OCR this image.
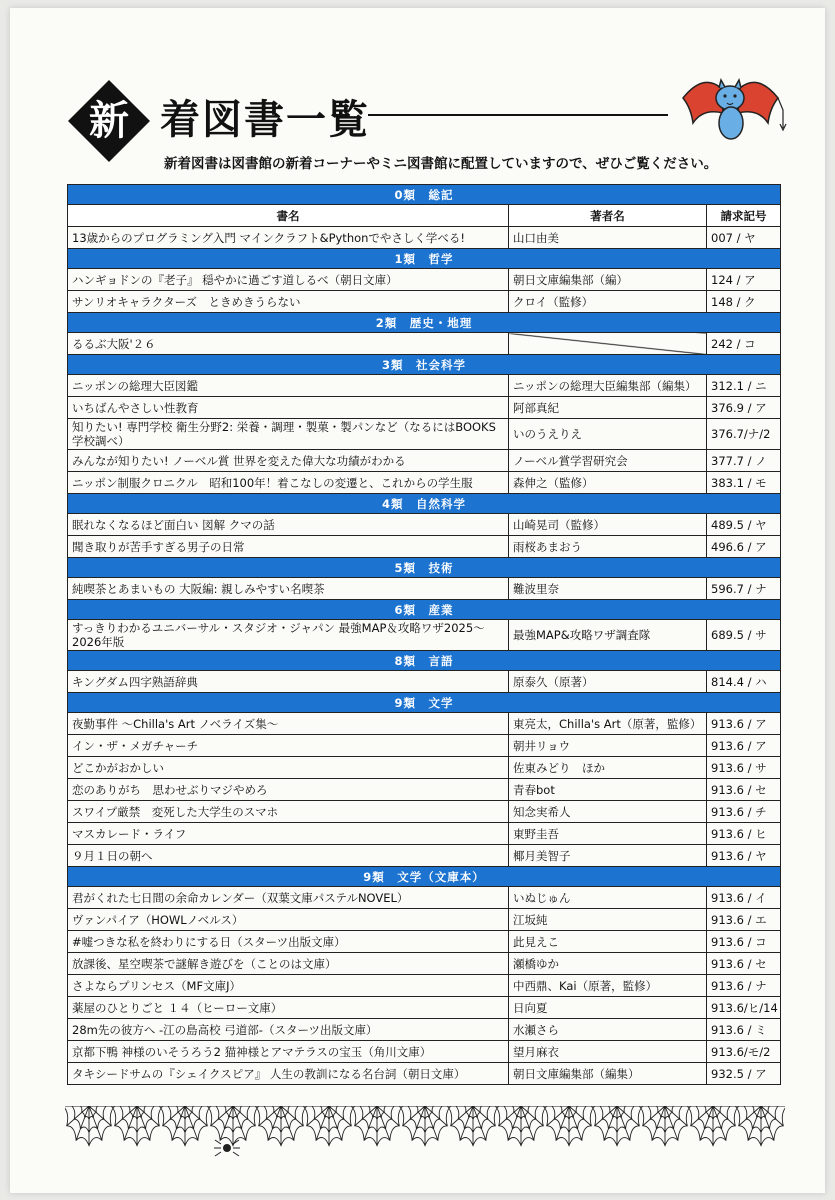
新 着図書一覧
新着図書は図書館の新着コーナーやミニ図書館に配置していますので、ぜひご覧ください。
0類　総記		
書名	著者名	請求記号
13歳からのプログラミング入門 マインクラフト&Pythonでやさしく学べる!	山口由美	007 / ヤ
1類　哲学		
ハンギョドンの『老子』 穏やかに過ごす道しるべ（朝日文庫）	朝日文庫編集部（編）	124 / ア
サンリオキャラクターズ　ときめきうらない	クロイ（監修）	148 / ク
2類　歴史・地理		
るるぶ大阪'２６		242 / コ
3類　社会科学		
ニッポンの総理大臣図鑑	ニッポンの総理大臣編集部（編集）	312.1 / ニ
いちばんやさしい性教育	阿部真紀	376.9 / ア
知りたい! 専門学校 衛生分野2: 栄養・調理・製菓・製パンなど（なるにはBOOKS学校調べ）	いのうえりえ	376.7/ナ/2
みんなが知りたい! ノーベル賞 世界を変えた偉大な功績がわかる	ノーベル賞学習研究会	377.7 / ノ
ニッポン制服クロニクル　昭和100年！着こなしの変遷と、これからの学生服	森伸之（監修）	383.1 / モ
4類　自然科学		
眠れなくなるほど面白い 図解 クマの話	山崎晃司（監修）	489.5 / ヤ
聞き取りが苦手すぎる男子の日常	雨桜あまおう	496.6 / ア
5類　技術		
純喫茶とあまいもの 大阪編: 親しみやすい名喫茶	難波里奈	596.7 / ナ
6類　産業		
すっきりわかるユニバーサル・スタジオ・ジャパン 最強MAP＆攻略ワザ2025～2026年版	最強MAP&攻略ワザ調査隊	689.5 / サ
8類　言語		
キングダム四字熟語辞典	原泰久（原著）	814.4 / ハ
9類　文学		
夜勤事件 ～Chilla's Art ノベライズ集～	東亮太，Chilla's Art（原著，監修）	913.6 / ア
イン・ザ・メガチャーチ	朝井リョウ	913.6 / ア
どこかがおかしい	佐東みどり　ほか	913.6 / サ
恋のありがち　思わせぶりマジやめろ	青春bot	913.6 / セ
スワイプ厳禁　変死した大学生のスマホ	知念実希人	913.6 / チ
マスカレード・ライフ	東野圭吾	913.6 / ヒ
９月１日の朝へ	椰月美智子	913.6 / ヤ
9類　文学（文庫本）		
君がくれた七日間の余命カレンダー（双葉文庫パステルNOVEL）	いぬじゅん	913.6 / イ
ヴァンパイア（HOWLノベルス）	江坂純	913.6 / エ
#嘘つきな私を終わりにする日（スターツ出版文庫）	此見えこ	913.6 / コ
放課後、星空喫茶で謎解き遊びを（ことのは文庫）	瀬橋ゆか	913.6 / セ
さよならプリンセス（MF文庫J）	中西鼎、Kai（原著，監修）	913.6 / ナ
薬屋のひとりごと １４（ヒーロー文庫）	日向夏	913.6/ヒ/14
28m先の彼方へ -江の島高校 弓道部-（スターツ出版文庫）	水瀬さら	913.6 / ミ
京都下鴨 神様のいそうろう2 猫神様とアマテラスの宝玉（角川文庫）	望月麻衣	913.6/モ/2
タキシードサムの『シェイクスピア』 人生の教訓になる名台詞（朝日文庫）	朝日文庫編集部（編集）	932.5 / ア
